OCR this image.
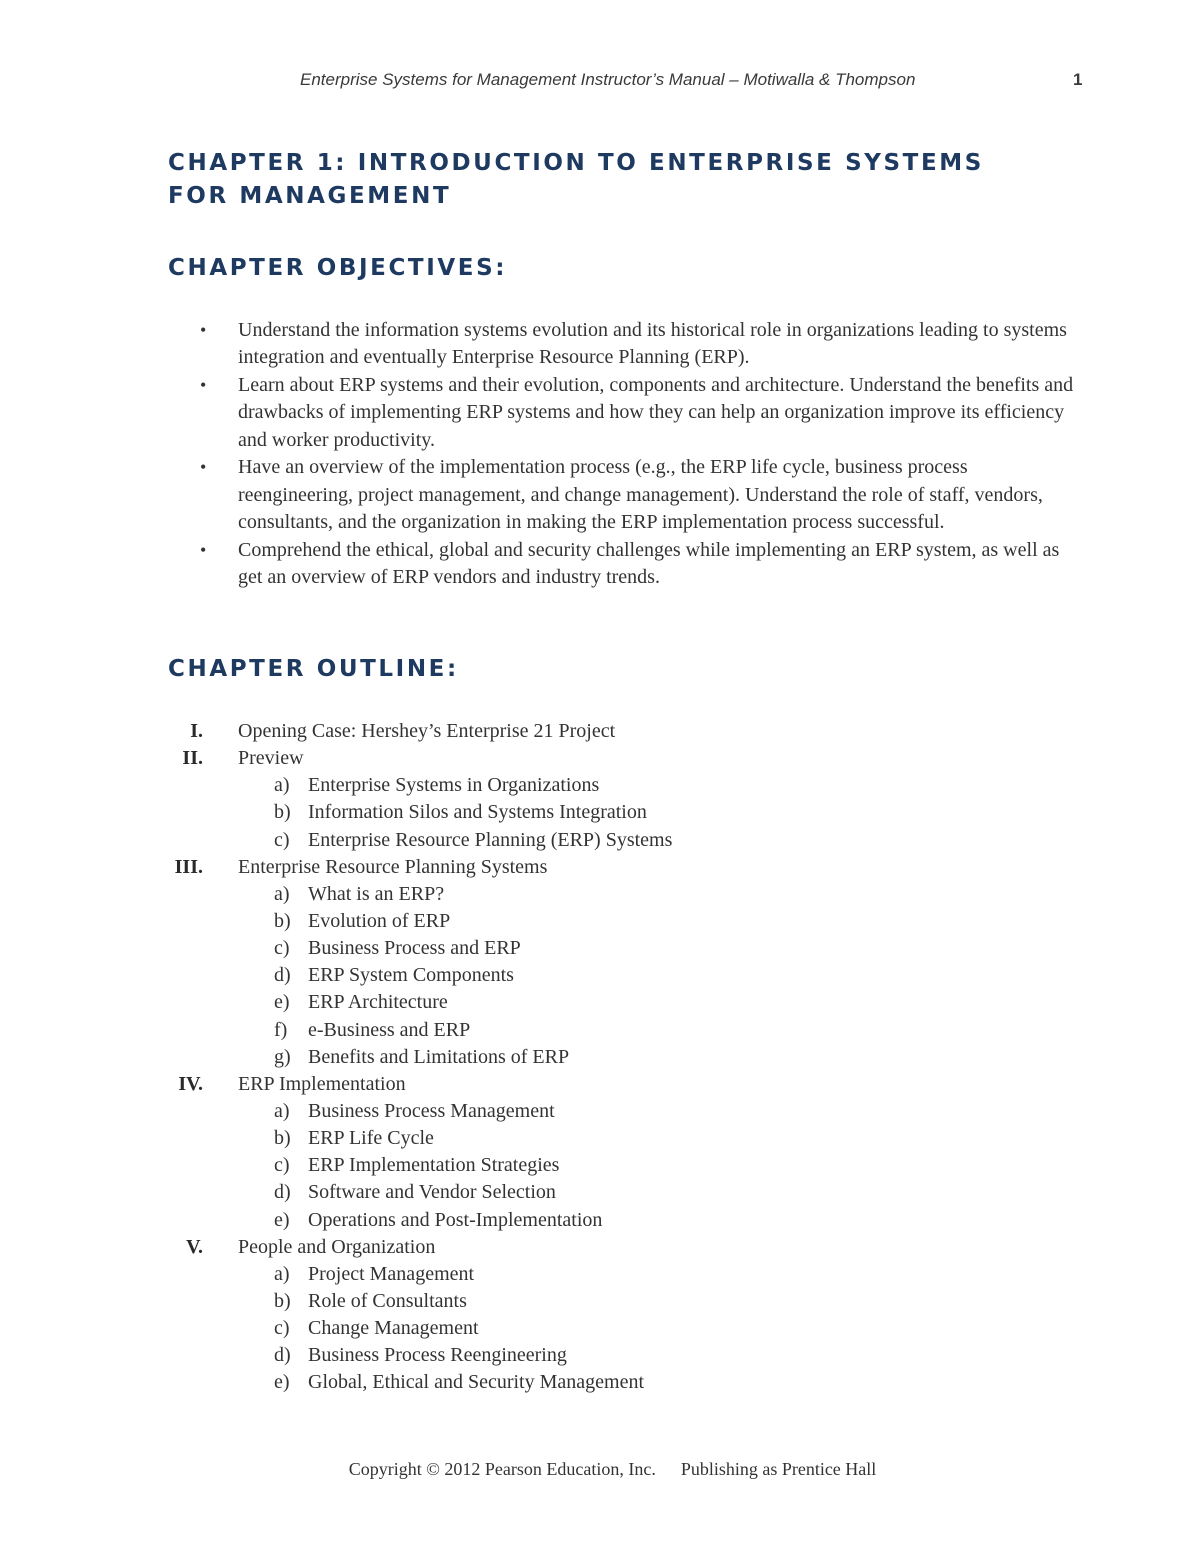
Enterprise Systems for Management Instructor’s Manual – Motiwalla & Thompson	1
CHAPTER 1: INTRODUCTION TO ENTERPRISE SYSTEMS FOR MANAGEMENT
CHAPTER OBJECTIVES:
• Understand the information systems evolution and its historical role in organizations leading to systems integration and eventually Enterprise Resource Planning (ERP).
• Learn about ERP systems and their evolution, components and architecture. Understand the benefits and drawbacks of implementing ERP systems and how they can help an organization improve its efficiency and worker productivity.
• Have an overview of the implementation process (e.g., the ERP life cycle, business process reengineering, project management, and change management). Understand the role of staff, vendors, consultants, and the organization in making the ERP implementation process successful.
• Comprehend the ethical, global and security challenges while implementing an ERP system, as well as get an overview of ERP vendors and industry trends.
CHAPTER OUTLINE:
I. Opening Case: Hershey’s Enterprise 21 Project
II. Preview
a) Enterprise Systems in Organizations
b) Information Silos and Systems Integration
c) Enterprise Resource Planning (ERP) Systems
III. Enterprise Resource Planning Systems
a) What is an ERP?
b) Evolution of ERP
c) Business Process and ERP
d) ERP System Components
e) ERP Architecture
f) e-Business and ERP
g) Benefits and Limitations of ERP
IV. ERP Implementation
a) Business Process Management
b) ERP Life Cycle
c) ERP Implementation Strategies
d) Software and Vendor Selection
e) Operations and Post-Implementation
V. People and Organization
a) Project Management
b) Role of Consultants
c) Change Management
d) Business Process Reengineering
e) Global, Ethical and Security Management
Copyright © 2012 Pearson Education, Inc. Publishing as Prentice Hall
